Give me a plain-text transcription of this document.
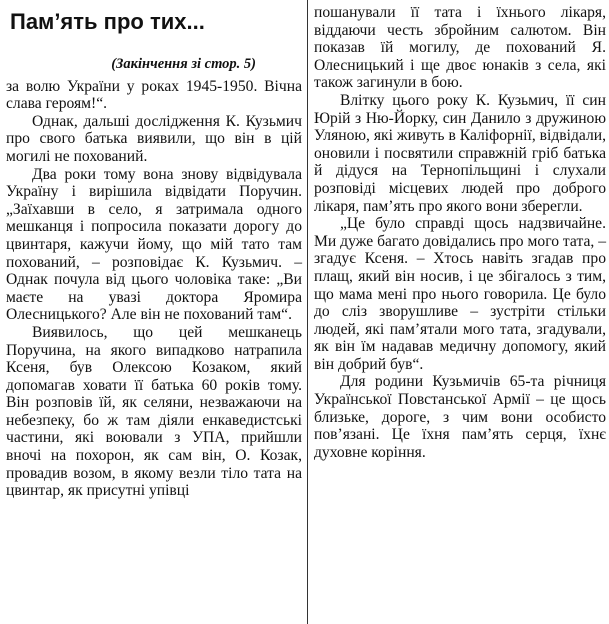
Пам’ять про тих...
(Закінчення зі стор. 5)

за волю України у роках 1945-1950. Вічна слава героям!“.

Однак, дальші дослідження К. Кузьмич про свого батька виявили, що він в цій могилі не похований.

Два роки тому вона знову відвідувала Україну і вирішила відвідати Поручин. „Заїхавши в село, я затримала одного мешканця і попросила показати дорогу до цвинтаря, кажучи йому, що мій тато там похований, – розповідає К. Кузьмич. – Однак почула від цього чоловіка таке: „Ви маєте на увазі доктора Яромира Олесницького? Але він не похований там“.

Виявилось, що цей мешканець Поручина, на якого випадково натрапила Ксеня, був Олексою Козаком, який допомагав ховати її батька 60 років тому. Він розповів їй, як селяни, незважаючи на небезпеку, бо ж там діяли енкаведистські частини, які воювали з УПА, прийшли вночі на похорон, як сам він, О. Козак, провадив возом, в якому везли тіло тата на цвинтар, як присутні упівці

пошанували її тата і їхнього лікаря, віддаючи честь збройним салютом. Він показав їй могилу, де похований Я. Олесницький і ще двоє юнаків з села, які також загинули в бою.

Влітку цього року К. Кузьмич, її син Юрій з Ню-Йорку, син Данило з дружиною Уляною, які живуть в Каліфорнії, відвідали, оновили і посвятили справжній гріб батька й дідуся на Тернопільщині і слухали розповіді місцевих людей про доброго лікаря, пам’ять про якого вони зберегли.

„Це було справді щось надзвичайне. Ми дуже багато довідались про мого тата, – згадує Ксеня. – Хтось навіть згадав про плащ, який він носив, і це збігалось з тим, що мама мені про нього говорила. Це було до сліз зворушливе – зустріти стільки людей, які пам’ятали мого тата, згадували, як він їм надавав медичну допомогу, який він добрий був“.

Для родини Кузьмичів 65-та річниця Української Повстанської Армії – це щось близьке, дороге, з чим вони особисто пов’язані. Це їхня пам’ять серця, їхнє духовне коріння.
